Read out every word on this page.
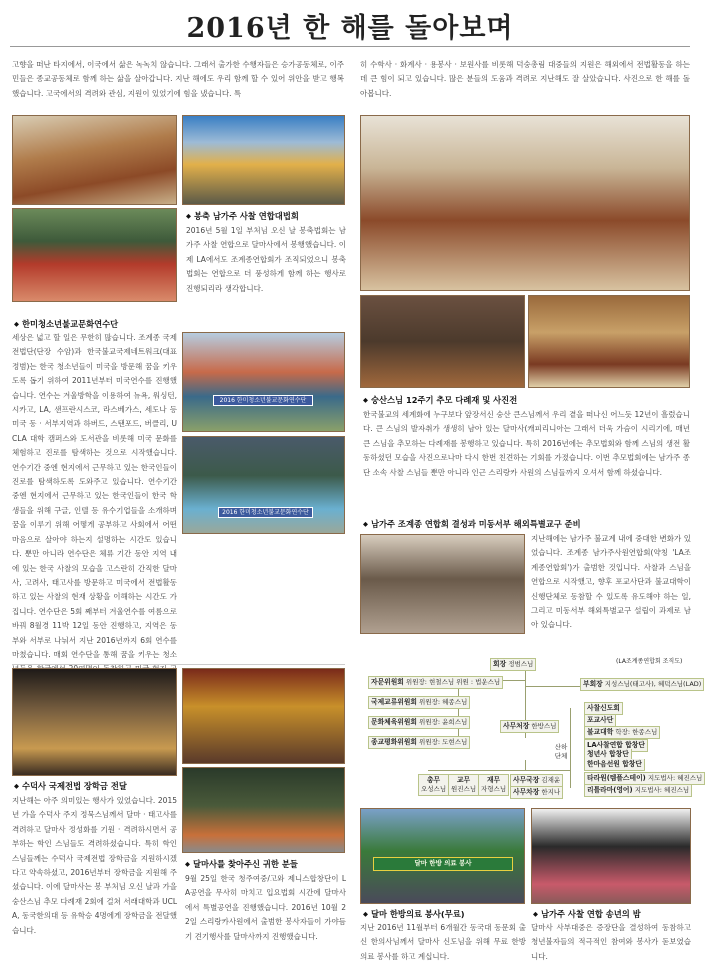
2016년 한 해를 돌아보며
고향을 떠난 타지에서, 이국에서 삶은 녹녹치 않습니다. 그래서 출가한 수행자들은 승가공동체로, 이주민들은 종교공동체로 함께 하는 삶을 살아갑니다. 지난 해에도 우리 함께 할 수 있어 위안을 받고 행복했습니다. 고국에서의 격려와 관심, 지원이 있었기에 힘을 냈습니다. 특
히 수학사 · 화계사 · 용봉사 · 보원사를 비롯해 덕숭총림 대중들의 지원은 해외에서 전법활동을 하는데 큰 힘이 되고 있습니다. 많은 분들의 도움과 격려로 지난해도 잘 살았습니다. 사진으로 한 해를 돌아봅니다.
◆ 봉축 남가주 사찰 연합대법회
2016년 5월 1일 부처님 오신 날 봉축법회는 남가주 사찰 연합으로 달마사에서 봉행했습니다. 이제 LA에서도 조계종연합회가 조직되었으니 봉축법회는 연합으로 더 풍성하게 함께 하는 행사로 진행되리라 생각합니다.
◆ 한미청소년불교문화연수단
세상은 넓고 할 일은 무한히 많습니다. 조계종 국제전법단(단장 수암)과 한국불교국제네트워크(대표 정범)는 한국 청소년들이 미국을 방문해 꿈을 키우도록 돕기 위하여 2011년부터 미국연수를 진행했습니다. 연수는 겨울방학을 이용하여 뉴욕, 워싱턴, 시카고, LA, 샌프란시스코, 라스베가스, 세도나 등 미국 동 · 서부지역과 하버드, 스탠포드, 버클리, UCLA 대학 캠퍼스와 도서관을 비롯해 미국 문화를 체험하고 진로를 탐색하는 것으로 시작했습니다. 연수기간 중엔 현지에서 근무하고 있는 한국인들이 진로를 탐색하도록 도와주고 있습니다. 연수기간 중엔 현지에서 근무하고 있는 한국인들이 한국 학생들을 위해 구글, 인텔 등 유수기업들을 소개하며 꿈을 이루기 위해 어떻게 공부하고 사회에서 어떤 마음으로 살아야 하는지 설명하는 시간도 있습니다. 뿐만 아니라 연수단은 체류 기간 동안 지역 내에 있는 한국 사찰의 모습을 고스란히 간직한 달마사, 고려사, 태고사를 방문하고 미국에서 전법활동 하고 있는 사찰의 현재 상황을 이해하는 시간도 가집니다. 연수단은 5회 째부터 겨울연수를 여름으로 바꿔 8월경 11박 12일 동안 진행하고, 지역은 동부와 서부로 나눠서 지난 2016년까지 6회 연수를 마쳤습니다. 매회 연수단을 통해 꿈을 키우는 청소
2016 한미청소년불교문화연수단
2016 한미청소년불교문화연수단
◆ 숭산스님 12주기 추모 다례재 및 사진전
한국불교의 세계화에 누구보다 앞장서신 숭산 큰스님께서 우리 곁을 떠나신 어느듯 12년이 흘렀습니다. 큰 스님의 발자취가 생생히 남아 있는 달마사(캐피리니아는 그래서 더욱 가슴이 시리기에, 매년 큰 스님을 추모하는 다례재를 봉행하고 있습니다. 특히 2016년에는 추모법회와 함께 스님의 생전 활동하셨던 모습을 사진으로나마 다시 한번 친견하는 기회를 가졌습니다. 이번 추모법회에는 남가주 종단 소속 사찰 스님들 뿐만 아니라 인근 스리랑카 사원의 스님들까지 오셔서 함께 하셨습니다.
◆ 남가주 조계종 연합회 결성과 미동서부 해외특별교구 준비
지난해에는 남가주 불교계 내에 중대한 변화가 있었습니다. 조계종 남가주사원연합회(약칭 'LA조계종연합회')가 출범한 것입니다. 사찰과 스님을 연합으로 시작했고, 향후 포교사단과 불교대학이 신행단체로 동참할 수 있도록 유도해야 하는 일, 그리고 미동서부 해외특별교구 설립이 과제로 남아 있습니다.
(LA조계종연합회 조직도)
회장 정범스님
부회장 지성스님(태고사), 혜덕스님(LAD)
자문위원회 위원장: 현철스님 위원 : 법운스님
국제교류위원회 위원장: 혜종스님
문화체육위원회 위원장: 윤희스님
종교평화위원회 위원장: 도현스님
사무처장 한방스님
산하단체
사찰신도회
포교사단
불교대학 학장: 한종스님
LA사찰연합 합창단
청년사 합창단
한마음선원 합창단
타라원(템플스테이) 지도법사: 혜진스님
리틀라마(영어) 지도법사: 혜진스님
총무
오성스님
교무
원진스님
재무
자형스님
사무국장 김재윤
사무차장 한지나
◆ 수덕사 국제전법 장학금 전달
지난해는 아주 의미있는 행사가 있었습니다. 2015년 가을 수덕사 주지 정묵스님께서 달마 · 태고사를 격려하고 달마사 정성화를 기원 · 격려하시면서 공부하는 학인 스님들도 격려하셨습니다. 특히 학인 스님들께는 수덕사 국제전법 장학금을 지원하시겠다고 약속하셨고, 2016년부터 장학금을 지원해 주셨습니다. 이에 달마사는 봉 부처님 오신 날과 가을 숭산스님 추모 다례재 2회에 걸쳐 서래대학과 UCLA, 동국한의대 등 유학승 4명에게 장학금을 전달했습니다.
◆ 달마사를 찾아주신 귀한 분들
9월 25일 한국 청주여중/고와 제니스합창단이 LA공연을 무사히 마치고 입요법회 시간에 달마사에서 특별공연을 진행했습니다. 2016년 10월 22일 스리랑카사원에서 출범한 봉사자들이 가야듬기 견기행사를 달마사까지 진행했습니다.
달마 한방 의료 봉사
◆ 달마 한방의료 봉사(무료)
지난 2016년 11월부터 6개월간 동국대 동문회 출신 한의사님께서 달마사 신도님을 위해 무료 한방의료 봉사를 하고 계십니다.
◆ 남가주 사찰 연합 송년의 밤
달마사 사부대중은 증장단을 결성하여 동참하고 청년불자들의 적극적인 참여와 봉사가 돋보였습니다.
